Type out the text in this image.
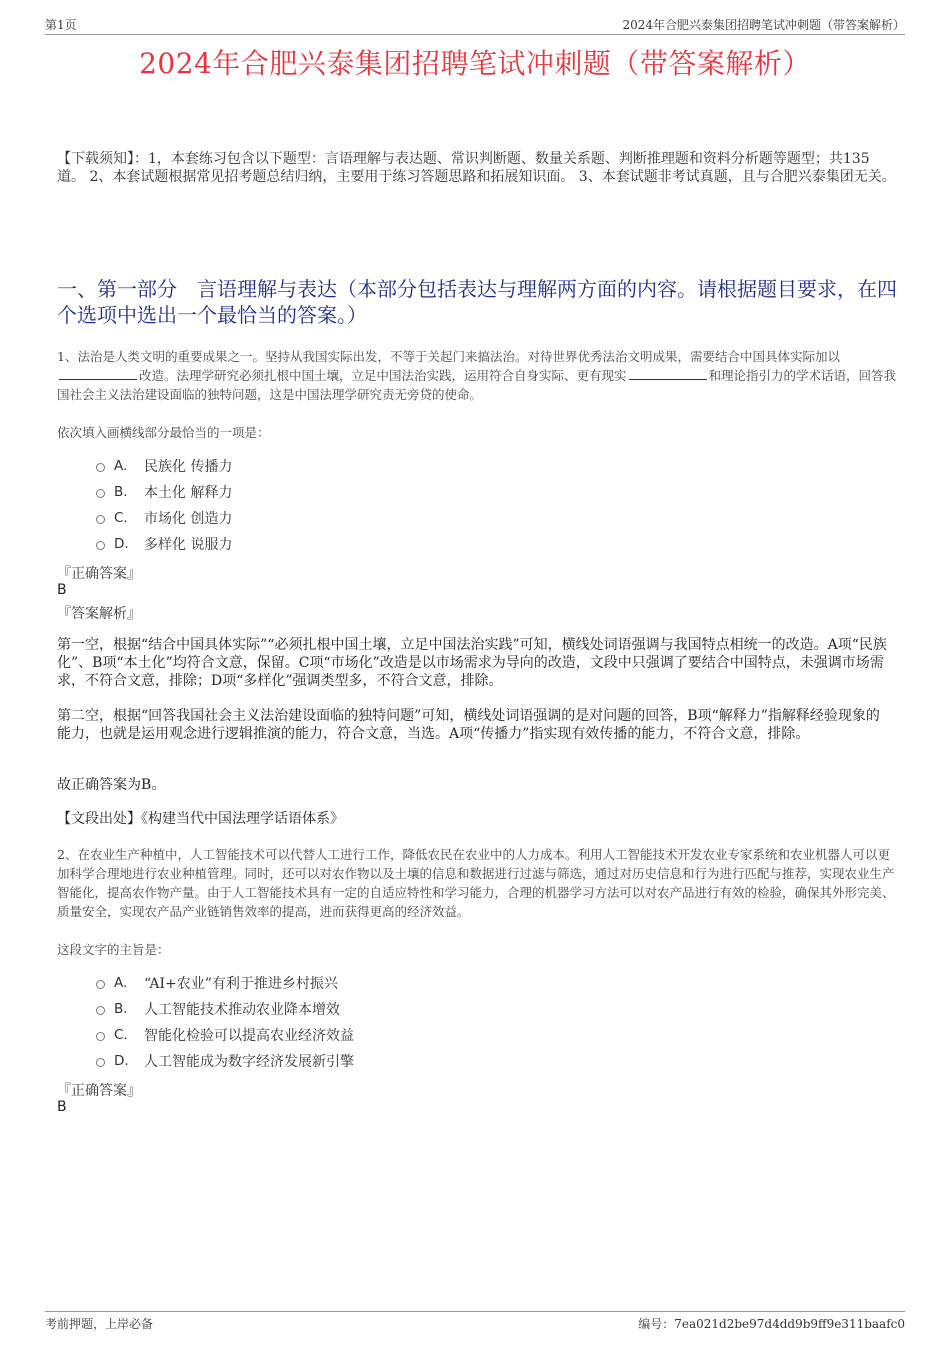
第1页	2024年合肥兴泰集团招聘笔试冲刺题（带答案解析）
2024年合肥兴泰集团招聘笔试冲刺题（带答案解析）
【下载须知】：1，本套练习包含以下题型：言语理解与表达题、常识判断题、数量关系题、判断推理题和资料分析题等题型；共135道。 2、本套试题根据常见招考题总结归纳，主要用于练习答题思路和拓展知识面。 3、本套试题非考试真题，且与合肥兴泰集团无关。
一、第一部分　言语理解与表达（本部分包括表达与理解两方面的内容。请根据题目要求，在四个选项中选出一个最恰当的答案。）
1、法治是人类文明的重要成果之一。坚持从我国实际出发，不等于关起门来搞法治。对待世界优秀法治文明成果，需要结合中国具体实际加以改造。法理学研究必须扎根中国土壤，立足中国法治实践，运用符合自身实际、更有现实	和理论指引力的学术话语，回答我国社会主义法治建设面临的独特问题，这是中国法理学研究责无旁贷的使命。
依次填入画横线部分最恰当的一项是：
A.	民族化 传播力
B.	本土化 解释力
C.	市场化 创造力
D.	多样化 说服力
『正确答案』
B
『答案解析』
第一空，根据“结合中国具体实际”“必须扎根中国土壤，立足中国法治实践”可知，横线处词语强调与我国特点相统一的改造。A项“民族化”、B项“本土化”均符合文意，保留。C项“市场化”改造是以市场需求为导向的改造，文段中只强调了要结合中国特点，未强调市场需求，不符合文意，排除；D项“多样化”强调类型多，不符合文意，排除。
第二空，根据“回答我国社会主义法治建设面临的独特问题”可知，横线处词语强调的是对问题的回答，B项“解释力”指解释经验现象的能力，也就是运用观念进行逻辑推演的能力，符合文意，当选。A项“传播力”指实现有效传播的能力，不符合文意，排除。
故正确答案为B。
【文段出处】《构建当代中国法理学话语体系》
2、在农业生产种植中，人工智能技术可以代替人工进行工作，降低农民在农业中的人力成本。利用人工智能技术开发农业专家系统和农业机器人可以更加科学合理地进行农业种植管理。同时，还可以对农作物以及土壤的信息和数据进行过滤与筛选，通过对历史信息和行为进行匹配与推荐，实现农业生产智能化，提高农作物产量。由于人工智能技术具有一定的自适应特性和学习能力，合理的机器学习方法可以对农产品进行有效的检验，确保其外形完美、质量安全，实现农产品产业链销售效率的提高，进而获得更高的经济效益。
这段文字的主旨是：
A.	“AI+农业”有利于推进乡村振兴
B.	人工智能技术推动农业降本增效
C.	智能化检验可以提高农业经济效益
D.	人工智能成为数字经济发展新引擎
『正确答案』
B
考前押题，上岸必备	编号：7ea021d2be97d4dd9b9ff9e311baafc0
